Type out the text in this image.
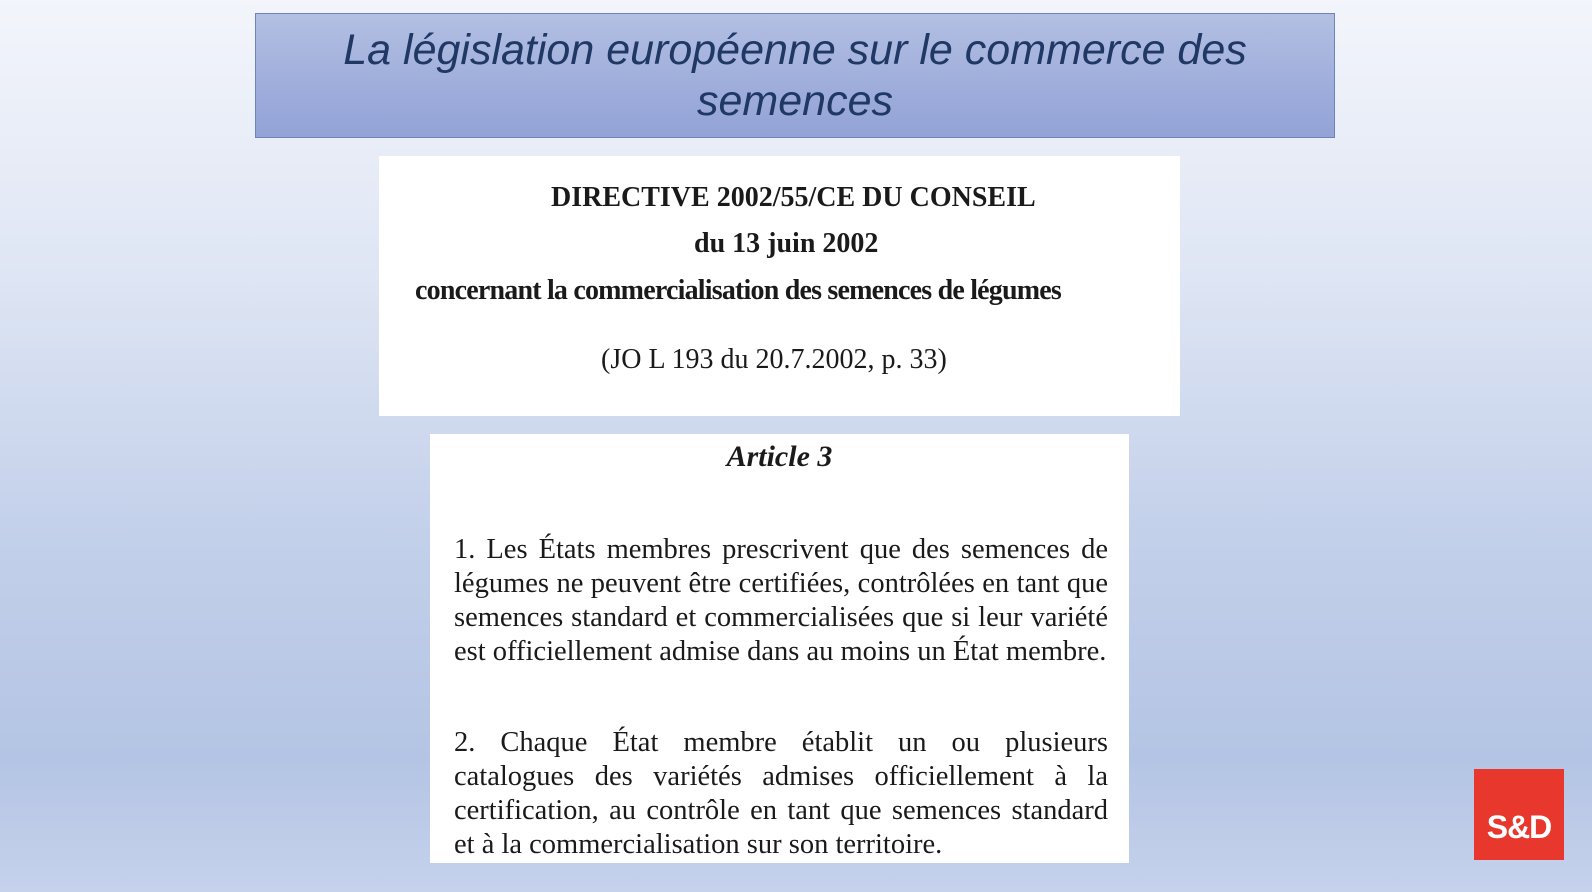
La législation européenne sur le commerce des semences
DIRECTIVE 2002/55/CE DU CONSEIL
du 13 juin 2002
concernant la commercialisation des semences de légumes
(JO L 193 du 20.7.2002, p. 33)
Article 3

1. Les États membres prescrivent que des semences de légumes ne peuvent être certifiées, contrôlées en tant que semences standard et commercialisées que si leur variété est officiellement admise dans au moins un État membre.

2. Chaque État membre établit un ou plusieurs catalogues des variétés admises officiellement à la certification, au contrôle en tant que semences standard et à la commercialisation sur son territoire.	S&D
